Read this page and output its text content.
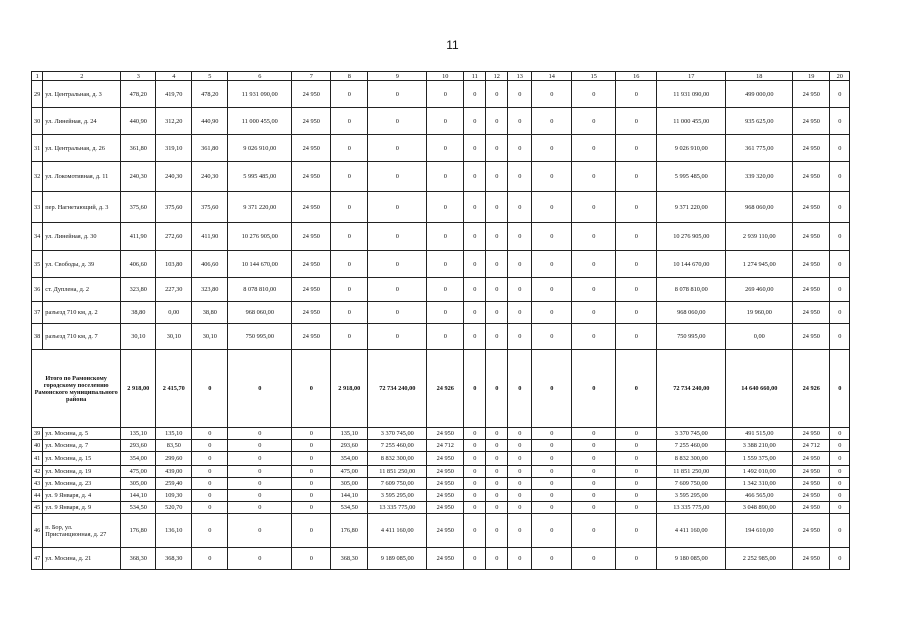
11
1	2	3	4	5	6	7	8	9	10	11	12	13	14	15	16	17	18	19	20
29	ул. Центральная, д. 3	478,20	419,70	478,20	11 931 090,00	24 950	0	0	0	0	0	0	0	0	0	11 931 090,00	499 000,00	24 950	0
30	ул. Линейная, д. 24	440,90	312,20	440,90	11 000 455,00	24 950	0	0	0	0	0	0	0	0	0	11 000 455,00	935 625,00	24 950	0
31	ул. Центральная, д. 26	361,80	319,10	361,80	9 026 910,00	24 950	0	0	0	0	0	0	0	0	0	9 026 910,00	361 775,00	24 950	0
32	ул. Локомотивная, д. 11	240,30	240,30	240,30	5 995 485,00	24 950	0	0	0	0	0	0	0	0	0	5 995 485,00	339 320,00	24 950	0
33	пер. Нагнетающий, д. 3	375,60	375,60	375,60	9 371 220,00	24 950	0	0	0	0	0	0	0	0	0	9 371 220,00	968 060,00	24 950	0
34	ул. Линейная, д. 30	411,90	272,60	411,90	10 276 905,00	24 950	0	0	0	0	0	0	0	0	0	10 276 905,00	2 939 110,00	24 950	0
35	ул. Свободы, д. 39	406,60	103,80	406,60	10 144 670,00	24 950	0	0	0	0	0	0	0	0	0	10 144 670,00	1 274 945,00	24 950	0
36	ст. Дуплена, д. 2	323,80	227,30	323,80	8 078 810,00	24 950	0	0	0	0	0	0	0	0	0	8 078 810,00	269 460,00	24 950	0
37	разъезд 710 км, д. 2	38,80	0,00	38,80	968 060,00	24 950	0	0	0	0	0	0	0	0	0	968 060,00	19 960,00	24 950	0
38	разъезд 710 км, д. 7	30,10	30,10	30,10	750 995,00	24 950	0	0	0	0	0	0	0	0	0	750 995,00	0,00	24 950	0
Итого по Рамонскому городскому поселению Рамонского муниципального района		2 918,00	2 415,70	0	0	0	2 918,00	72 734 240,00	24 926	0	0	0	0	0	0	72 734 240,00	14 640 660,00	24 926	0
39	ул. Мосина, д. 5	135,10	135,10	0	0	0	135,10	3 370 745,00	24 950	0	0	0	0	0	0	3 370 745,00	491 515,00	24 950	0
40	ул. Мосина, д. 7	293,60	83,50	0	0	0	293,60	7 255 460,00	24 712	0	0	0	0	0	0	7 255 460,00	3 388 210,00	24 712	0
41	ул. Мосина, д. 15	354,00	299,60	0	0	0	354,00	8 832 300,00	24 950	0	0	0	0	0	0	8 832 300,00	1 559 375,00	24 950	0
42	ул. Мосина, д. 19	475,00	439,00	0	0	0	475,00	11 851 250,00	24 950	0	0	0	0	0	0	11 851 250,00	1 492 010,00	24 950	0
43	ул. Мосина, д. 23	305,00	259,40	0	0	0	305,00	7 609 750,00	24 950	0	0	0	0	0	0	7 609 750,00	1 342 310,00	24 950	0
44	ул. 9 Января, д. 4	144,10	109,30	0	0	0	144,10	3 595 295,00	24 950	0	0	0	0	0	0	3 595 295,00	466 565,00	24 950	0
45	ул. 9 Января, д. 9	534,50	520,70	0	0	0	534,50	13 335 775,00	24 950	0	0	0	0	0	0	13 335 775,00	3 048 890,00	24 950	0
46	п. Бор, ул. Пристанционная, д. 27	176,80	136,10	0	0	0	176,80	4 411 160,00	24 950	0	0	0	0	0	0	4 411 160,00	194 610,00	24 950	0
47	ул. Мосина, д. 21	368,30	368,30	0	0	0	368,30	9 189 085,00	24 950	0	0	0	0	0	0	9 180 085,00	2 252 985,00	24 950	0
